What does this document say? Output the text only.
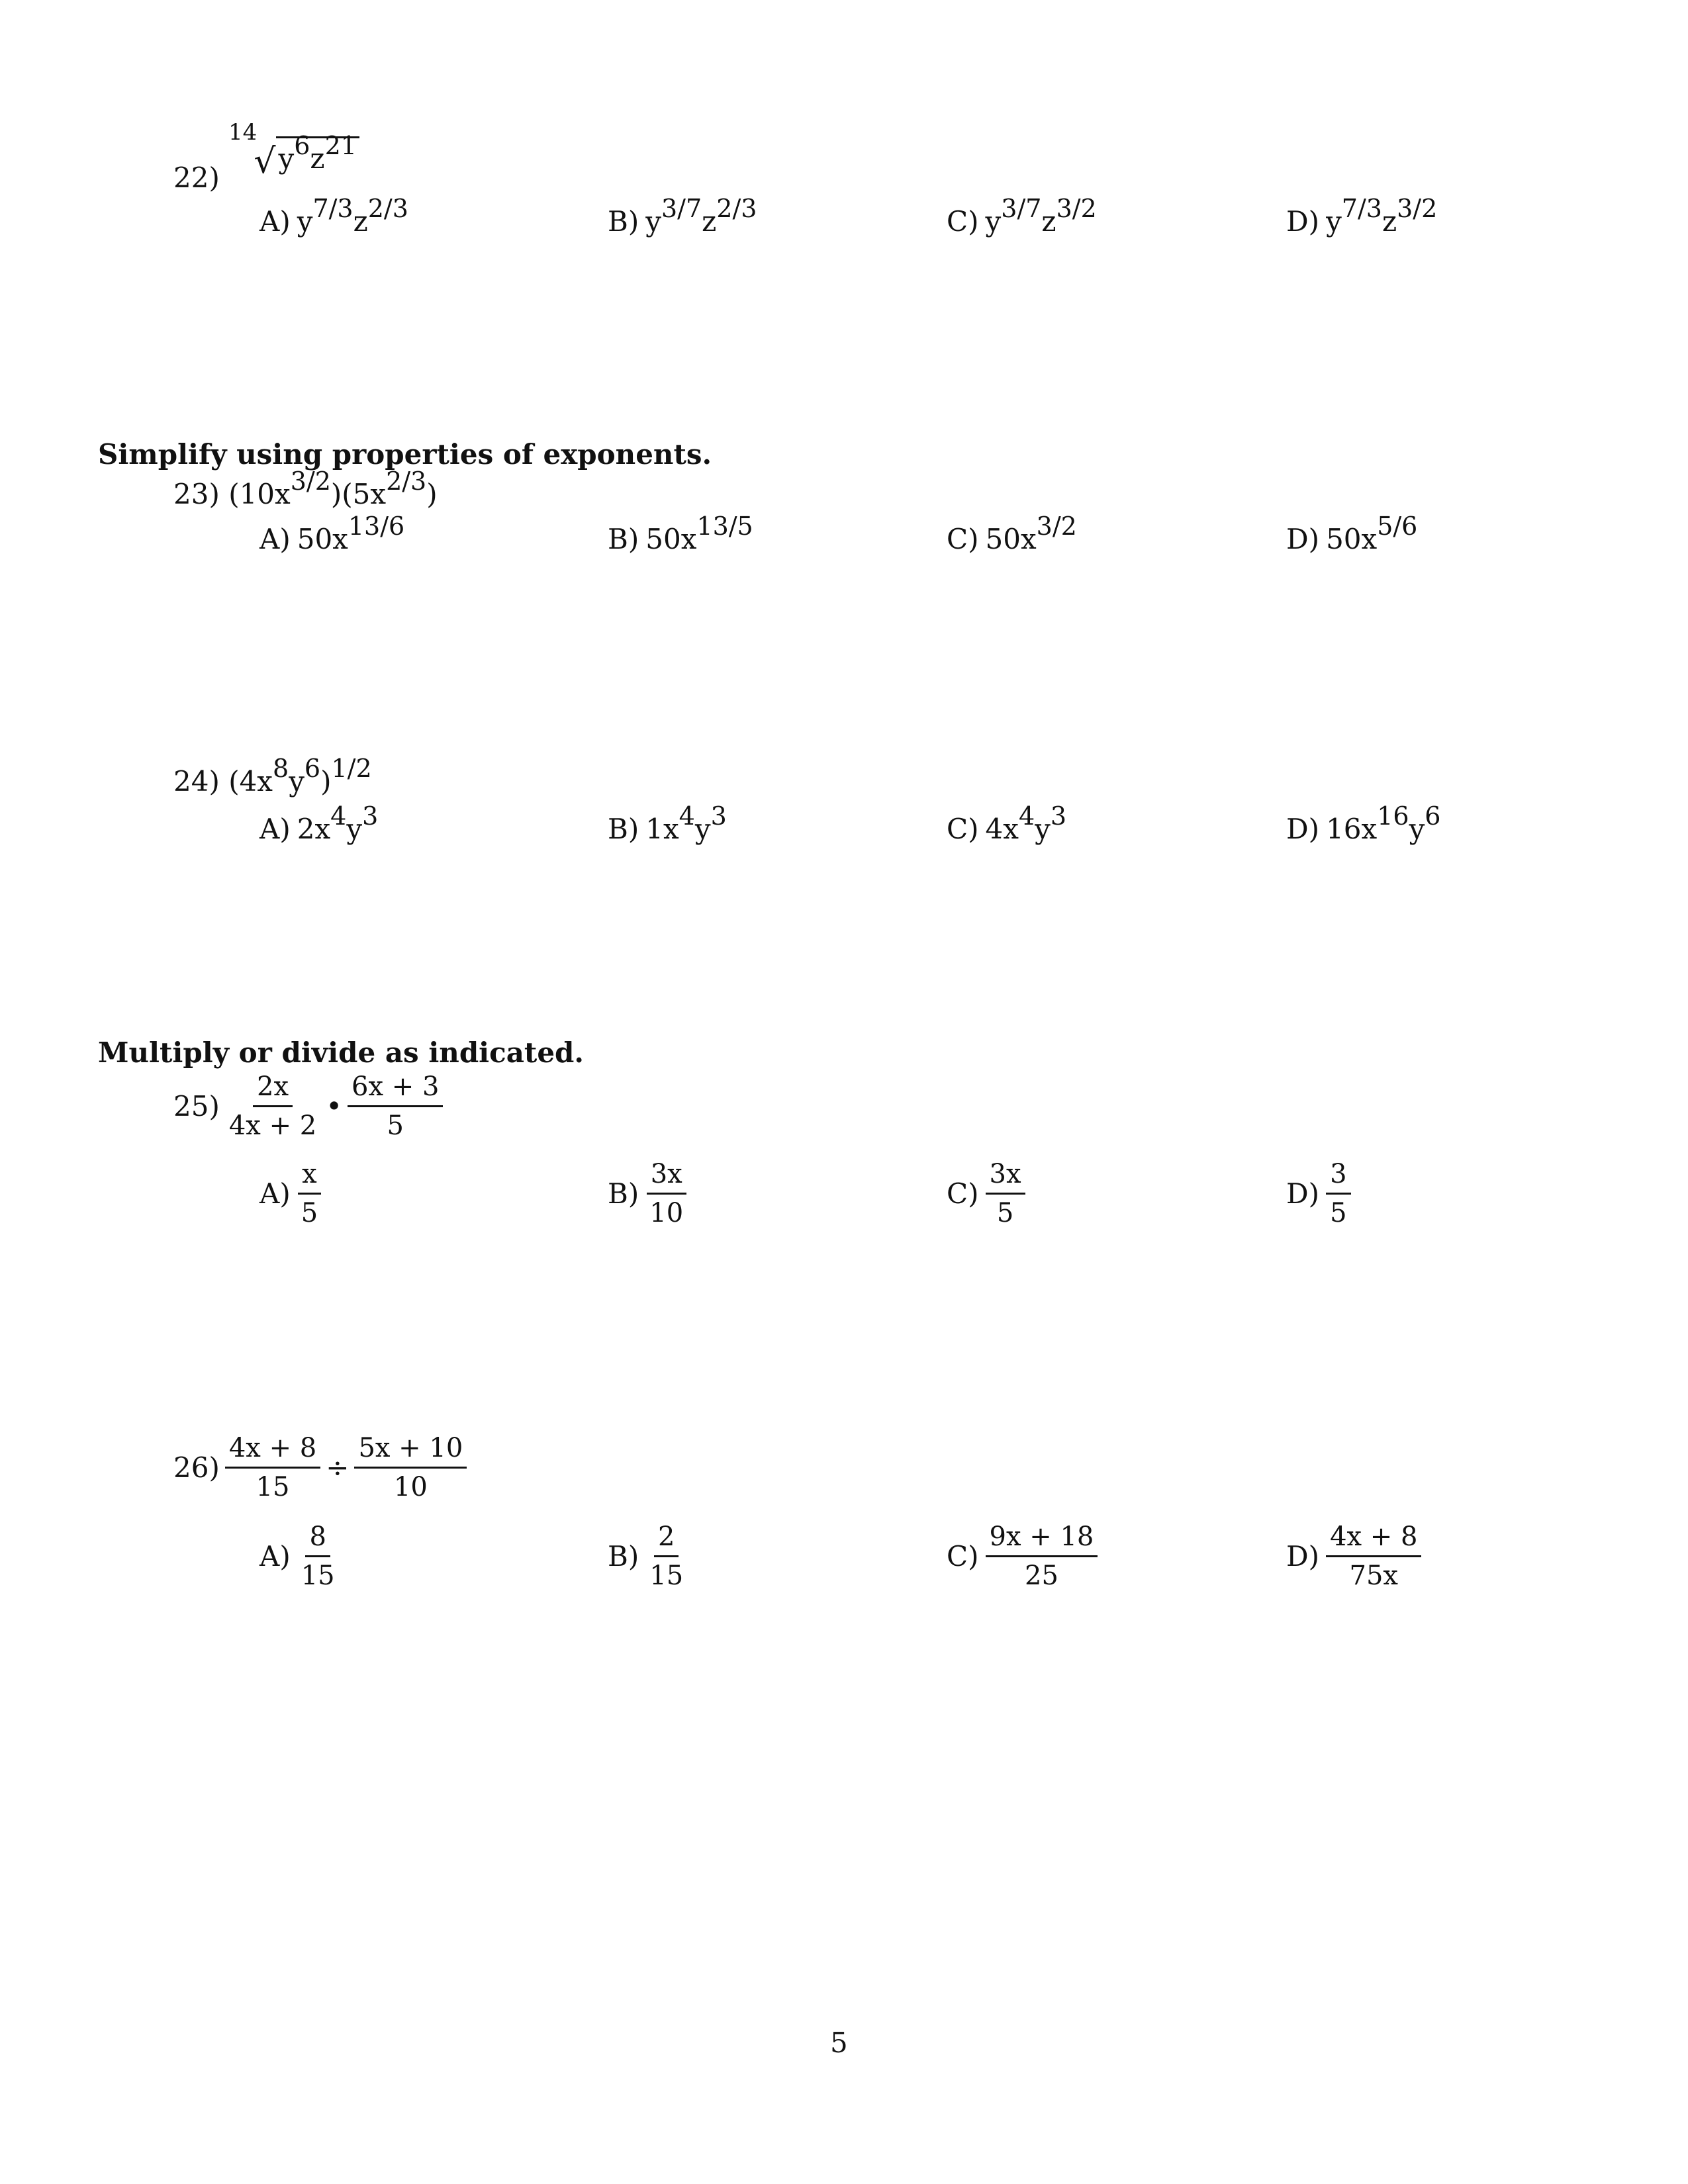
22)
14
√ y6z21
A) y7/3z2/3	B) y3/7z2/3	C) y3/7z3/2	D) y7/3z3/2
Simplify using properties of exponents.
23) (10x3/2)(5x2/3)
A) 50x13/6	B) 50x13/5	C) 50x3/2	D) 50x5/6
24) (4x8y6)1/2
A) 2x4y3	B) 1x4y3	C) 4x4y3	D) 16x16y6
Multiply or divide as indicated.
$25) \frac{2x}{4x + 2}$ • $\frac{6x + 3}{5}$
$A) \frac{x}{5}$	$B) \frac{3x}{10}$	$C) \frac{3x}{5}$	$D) \frac{3}{5}$
$26) \frac{4x + 8}{15} \div \frac{5x + 10}{10}$
$A) \frac{8}{15}$	$B) \frac{2}{15}$	$C) \frac{9x + 18}{25}$	$D) \frac{4x + 8}{75x}$
5
